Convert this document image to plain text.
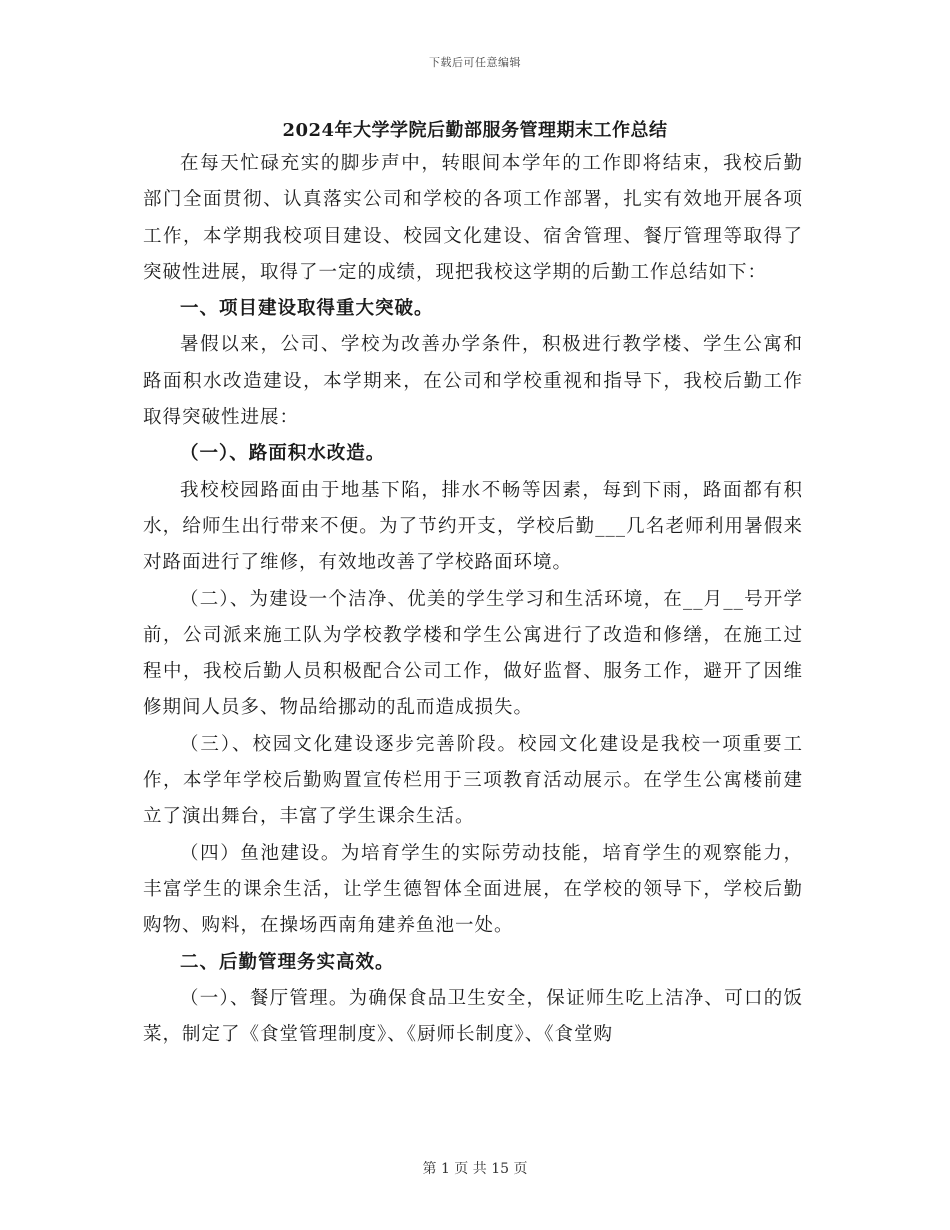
下载后可任意编辑
2024年大学学院后勤部服务管理期末工作总结
在每天忙碌充实的脚步声中，转眼间本学年的工作即将结束，我校后勤部门全面贯彻、认真落实公司和学校的各项工作部署，扎实有效地开展各项工作，本学期我校项目建设、校园文化建设、宿舍管理、餐厅管理等取得了突破性进展，取得了一定的成绩，现把我校这学期的后勤工作总结如下：
一、项目建设取得重大突破。
暑假以来，公司、学校为改善办学条件，积极进行教学楼、学生公寓和路面积水改造建设，本学期来，在公司和学校重视和指导下，我校后勤工作取得突破性进展：
（一）、路面积水改造。
我校校园路面由于地基下陷，排水不畅等因素，每到下雨，路面都有积水，给师生出行带来不便。为了节约开支，学校后勤___几名老师利用暑假来对路面进行了维修，有效地改善了学校路面环境。
（二）、为建设一个洁净、优美的学生学习和生活环境，在__月__号开学前，公司派来施工队为学校教学楼和学生公寓进行了改造和修缮，在施工过程中，我校后勤人员积极配合公司工作，做好监督、服务工作，避开了因维修期间人员多、物品给挪动的乱而造成损失。
（三）、校园文化建设逐步完善阶段。校园文化建设是我校一项重要工作，本学年学校后勤购置宣传栏用于三项教育活动展示。在学生公寓楼前建立了演出舞台，丰富了学生课余生活。
（四）鱼池建设。为培育学生的实际劳动技能，培育学生的观察能力，丰富学生的课余生活，让学生德智体全面进展，在学校的领导下，学校后勤购物、购料，在操场西南角建养鱼池一处。
二、后勤管理务实高效。
（一）、餐厅管理。为确保食品卫生安全，保证师生吃上洁净、可口的饭菜，制定了《食堂管理制度》、《厨师长制度》、《食堂购
第 1 页 共 15 页
